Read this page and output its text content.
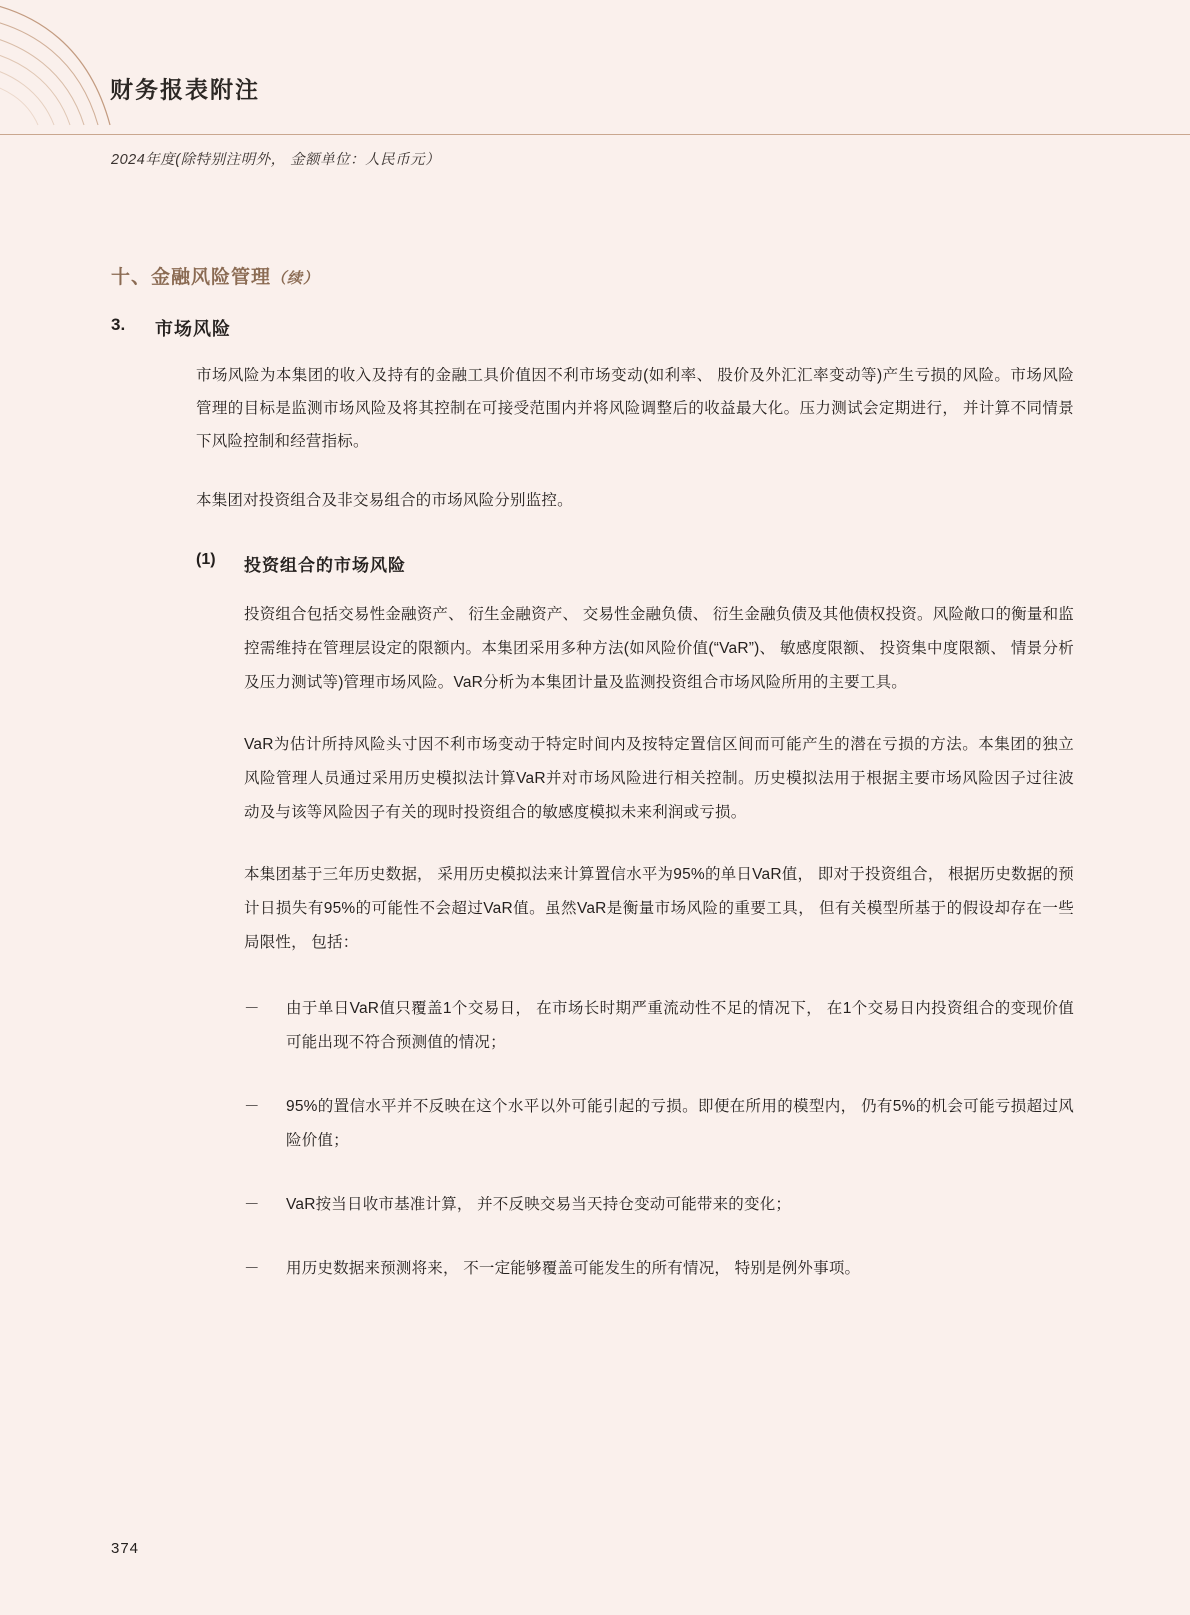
财务报表附注
2024年度(除特别注明外， 金额单位：人民币元）
十、金融风险管理（续）
3. 市场风险
市场风险为本集团的收入及持有的金融工具价值因不利市场变动(如利率、 股价及外汇汇率变动等)产生亏损的风险。市场风险管理的目标是监测市场风险及将其控制在可接受范围内并将风险调整后的收益最大化。压力测试会定期进行， 并计算不同情景下风险控制和经营指标。
本集团对投资组合及非交易组合的市场风险分别监控。
(1) 投资组合的市场风险
投资组合包括交易性金融资产、 衍生金融资产、 交易性金融负债、 衍生金融负债及其他债权投资。风险敞口的衡量和监控需维持在管理层设定的限额内。本集团采用多种方法(如风险价值(“VaR”)、 敏感度限额、 投资集中度限额、 情景分析及压力测试等)管理市场风险。VaR分析为本集团计量及监测投资组合市场风险所用的主要工具。
VaR为估计所持风险头寸因不利市场变动于特定时间内及按特定置信区间而可能产生的潜在亏损的方法。本集团的独立风险管理人员通过采用历史模拟法计算VaR并对市场风险进行相关控制。历史模拟法用于根据主要市场风险因子过往波动及与该等风险因子有关的现时投资组合的敏感度模拟未来利润或亏损。
本集团基于三年历史数据， 采用历史模拟法来计算置信水平为95%的单日VaR值， 即对于投资组合， 根据历史数据的预计日损失有95%的可能性不会超过VaR值。虽然VaR是衡量市场风险的重要工具， 但有关模型所基于的假设却存在一些局限性， 包括：
－	由于单日VaR值只覆盖1个交易日， 在市场长时期严重流动性不足的情况下， 在1个交易日内投资组合的变现价值可能出现不符合预测值的情况；
－	95%的置信水平并不反映在这个水平以外可能引起的亏损。即便在所用的模型内， 仍有5%的机会可能亏损超过风险价值；
－	VaR按当日收市基准计算， 并不反映交易当天持仓变动可能带来的变化；
－	用历史数据来预测将来， 不一定能够覆盖可能发生的所有情况， 特别是例外事项。
374
